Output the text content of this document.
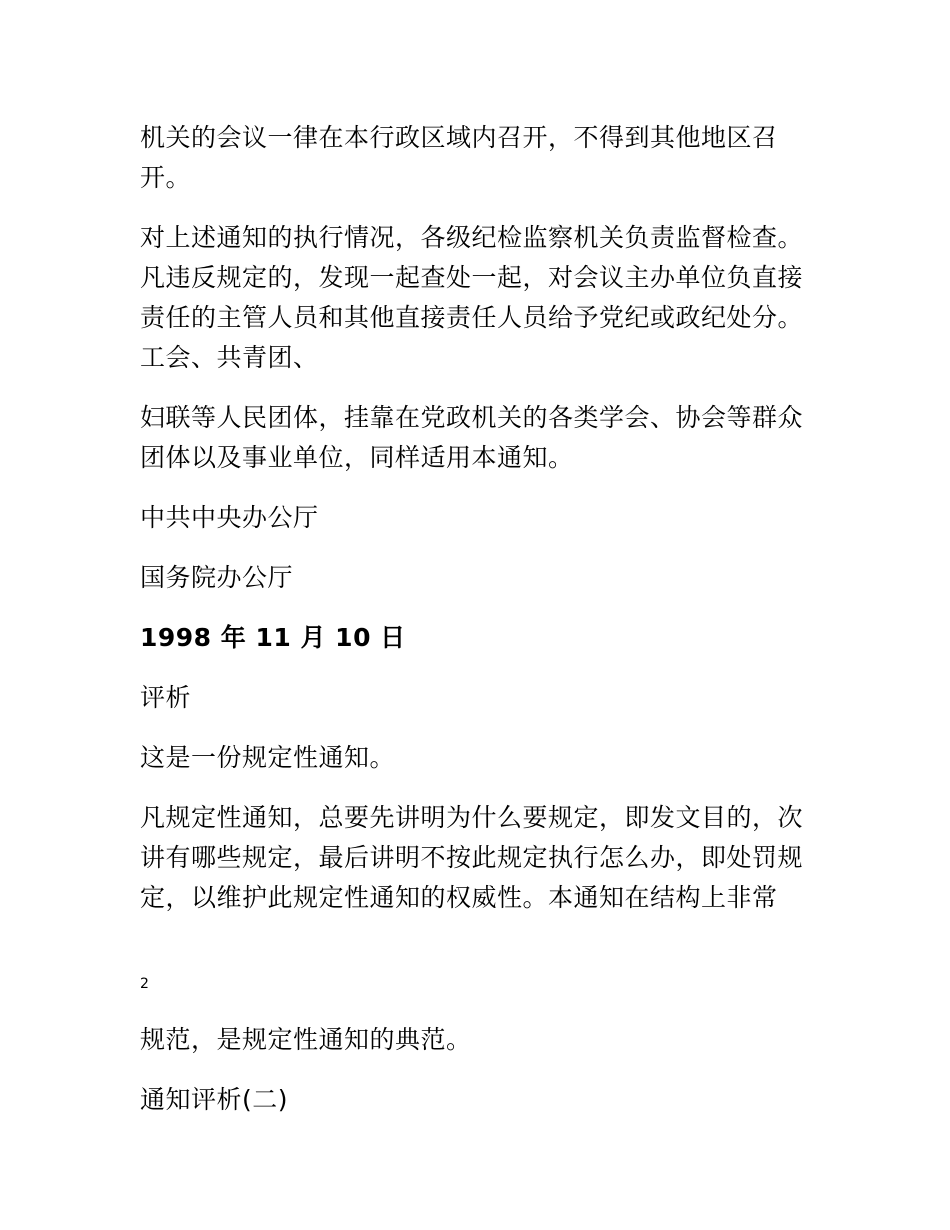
机关的会议一律在本行政区域内召开，不得到其他地区召开。

对上述通知的执行情况，各级纪检监察机关负责监督检查。凡违反规定的，发现一起查处一起，对会议主办单位负直接责任的主管人员和其他直接责任人员给予党纪或政纪处分。工会、共青团、

妇联等人民团体，挂靠在党政机关的各类学会、协会等群众团体以及事业单位，同样适用本通知。

中共中央办公厅

国务院办公厅

1998 年 11 月 10 日

评析

这是一份规定性通知。

凡规定性通知，总要先讲明为什么要规定，即发文目的，次讲有哪些规定，最后讲明不按此规定执行怎么办，即处罚规定，以维护此规定性通知的权威性。本通知在结构上非常

2

规范，是规定性通知的典范。

通知评析(二)
